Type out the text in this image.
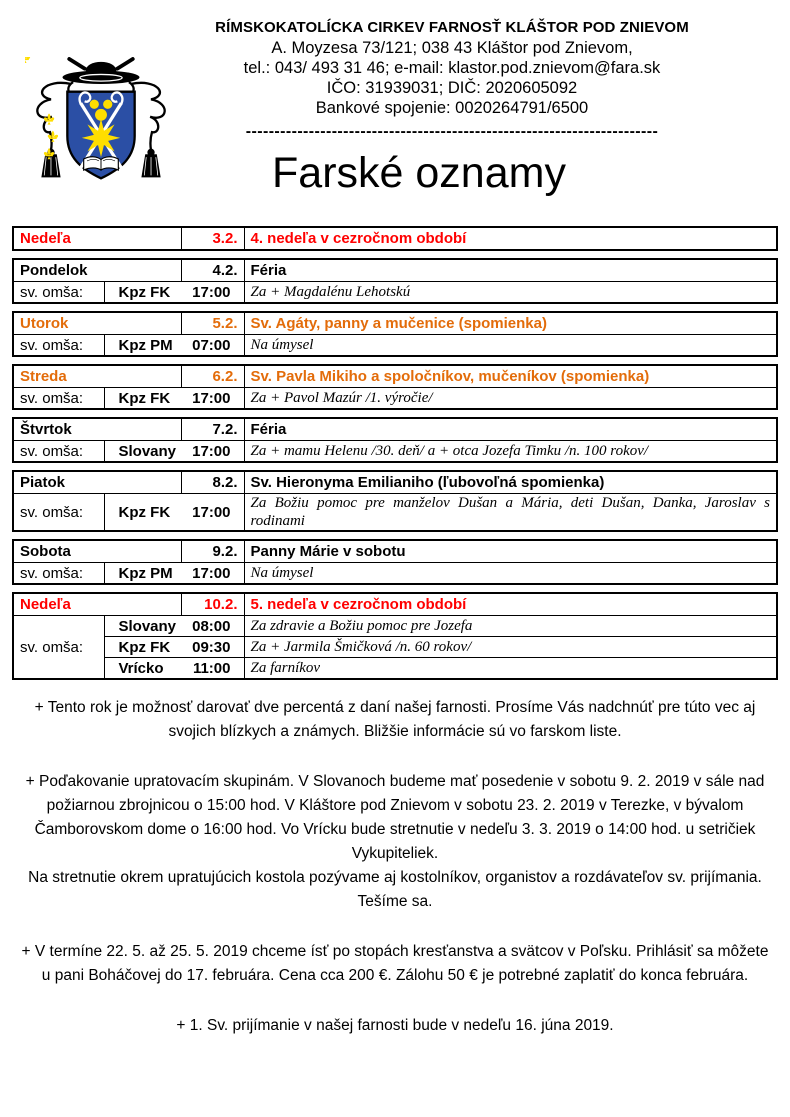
RÍMSKOKATOLÍCKA CIRKEV FARNOSŤ KLÁŠTOR POD ZNIEVOM
A. Moyzesa 73/121; 038 43 Kláštor pod Znievom,
tel.: 043/ 493 31 46; e-mail: klastor.pod.znievom@fara.sk
IČO: 31939031; DIČ: 2020605092
Bankové spojenie: 0020264791/6500
------------------------------------------------------------------------
Farské oznamy
Nedeľa	3.2.	4. nedeľa v cezročnom období
Pondelok		4.2.	Féria
sv. omša:	Kpz FK 17:00		Za + Magdalénu Lehotskú
Utorok		5.2.	Sv. Agáty, panny a mučenice (spomienka)
sv. omša:	Kpz PM 07:00		Na úmysel
Streda		6.2.	Sv. Pavla Mikiho a spoločníkov, mučeníkov (spomienka)
sv. omša:	Kpz FK 17:00		Za + Pavol Mazúr /1. výročie/
Štvrtok		7.2.	Féria
sv. omša:	Slovany 17:00		Za + mamu Helenu /30. deň/ a + otca Jozefa Timku /n. 100 rokov/
Piatok		8.2.	Sv. Hieronyma Emilianiho (ľubovoľná spomienka)
sv. omša:	Kpz FK 17:00		Za Božiu pomoc pre manželov Dušan a Mária, deti Dušan, Danka, Jaroslav s rodinami
Sobota		9.2.	Panny Márie v sobotu
sv. omša:	Kpz PM 17:00		Na úmysel
Nedeľa		10.2.	5. nedeľa v cezročnom období
sv. omša:	Slovany 08:00		Za zdravie a Božiu pomoc pre Jozefa

	Kpz FK 09:30		Za + Jarmila Šmičková /n. 60 rokov/

	Vrícko 11:00		Za farníkov

+ Tento rok je možnosť darovať dve percentá z daní našej farnosti. Prosíme Vás nadchnúť pre túto vec aj svojich blízkych a známych. Bližšie informácie sú vo farskom liste.

+ Poďakovanie upratovacím skupinám. V Slovanoch budeme mať posedenie v sobotu 9. 2. 2019 v sále nad požiarnou zbrojnicou o 15:00 hod. V Kláštore pod Znievom v sobotu 23. 2. 2019 v Terezke, v bývalom Čamborovskom dome o 16:00 hod. Vo Vrícku bude stretnutie v nedeľu 3. 3. 2019 o 14:00 hod. u setričiek Vykupiteliek.

Na stretnutie okrem upratujúcich kostola pozývame aj kostolníkov, organistov a rozdávateľov sv. prijímania. Tešíme sa.

+ V termíne 22. 5. až 25. 5. 2019 chceme ísť po stopách kresťanstva a svätcov v Poľsku. Prihlásiť sa môžete u pani Boháčovej do 17. februára. Cena cca 200 €. Zálohu 50 € je potrebné zaplatiť do konca februára.

+ 1. Sv. prijímanie v našej farnosti bude v nedeľu 16. júna 2019.
